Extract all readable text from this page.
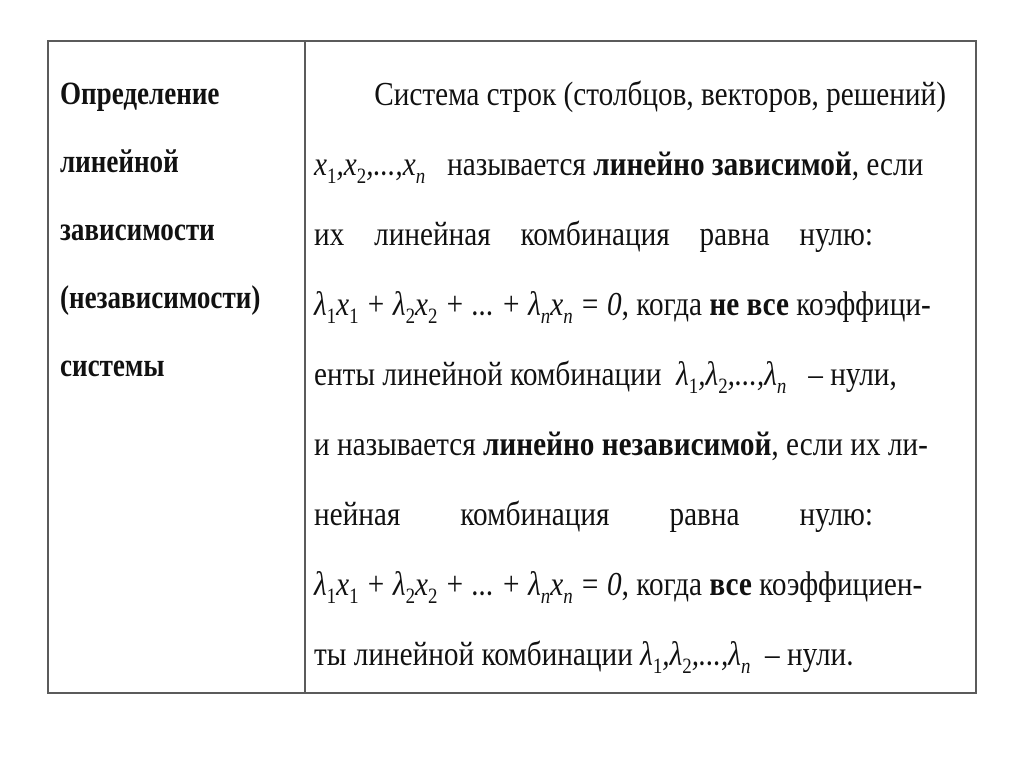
Определение
линейной
зависимости
(независимости)
системы
Система строк (столбцов, векторов, решений)
$x_1,x_2,...,x_n$ называется линейно зависимой, если
их линейная комбинация равна нулю:
$\lambda_1x_1 + \lambda_2x_2$ + ... + $\lambda_nx_n = 0$, когда не все коэффици-
енты линейной комбинации $\lambda_1,\lambda_2,...,\lambda_n$ – нули,
и называется линейно независимой, если их ли-
нейная комбинация равна нулю:
$\lambda_1x_1 + \lambda_2x_2$ + ... + $\lambda_nx_n = 0$, когда все коэффициен-
ты линейной комбинации $\lambda_1,\lambda_2,...,\lambda_n$ – нули.
